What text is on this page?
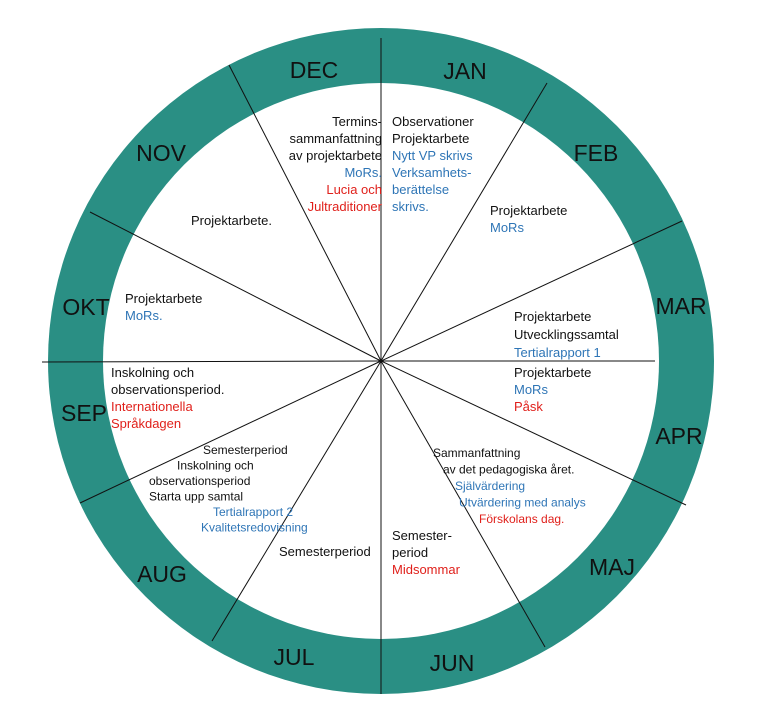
JAN
FEB
MAR
APR
MAJ
JUN
JUL
AUG
SEP
OKT
NOV
DEC
Observationer Projektarbete Nytt VP skrivs Verksamhets-berättelse skrivs.	Projektarbete MoRs
Projektarbete Utvecklingssamtal Tertialrapport 1
Projektarbete MoRs Påsk
Sammanfattning av det pedagogiska året. Självärdering Utvärdering med analys Förskolans dag.
Semester-period Midsommar
Semesterperiod
Semesterperiod Inskolning och observationsperiod Starta upp samtal Tertialrapport 2 Kvalitetsredovisning
Inskolning och observationsperiod. Internationella Språkdagen
Projektarbete MoRs.
Projektarbete.
Termins-sammanfattning av projektarbete MoRs. Lucia och Jultraditioner
